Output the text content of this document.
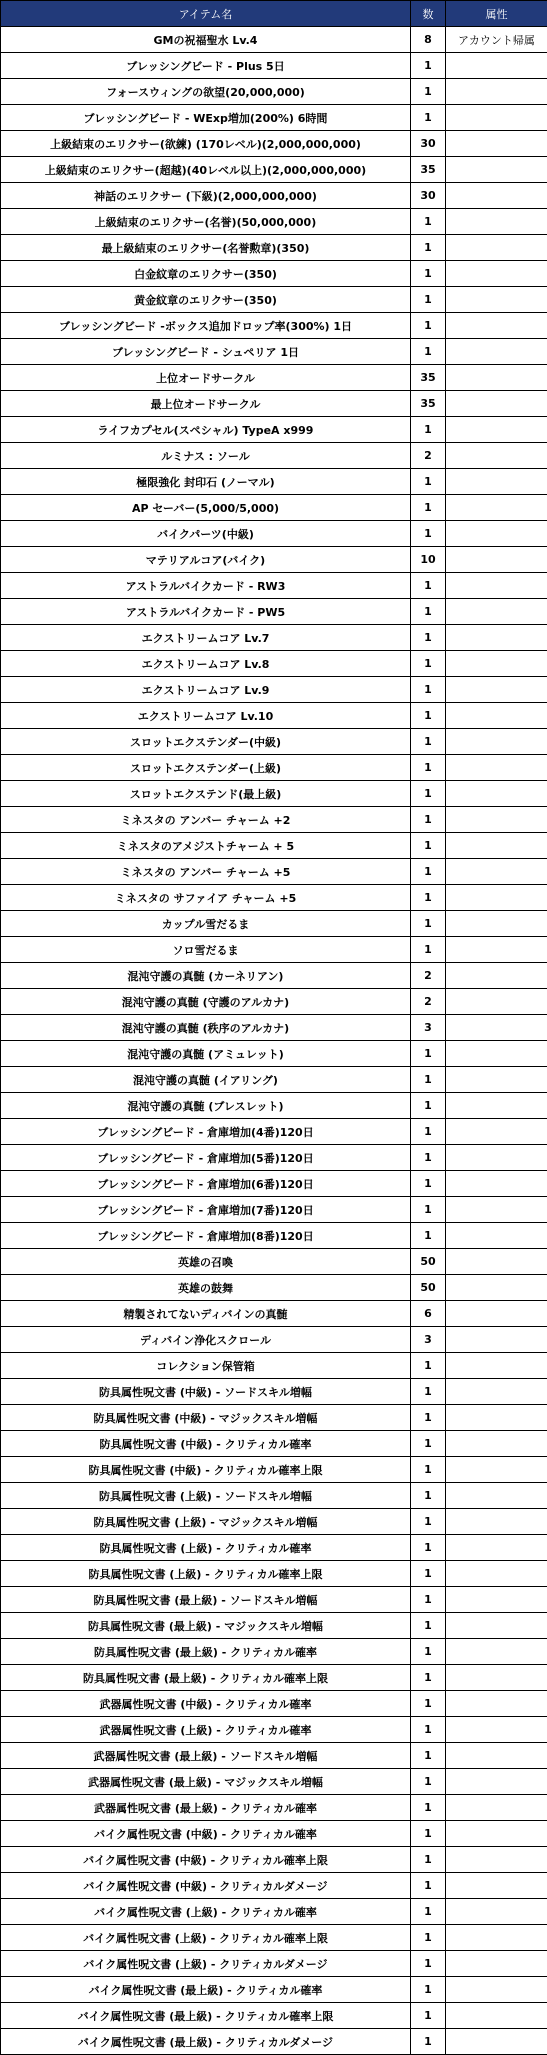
アイテム名	数	属性
GMの祝福聖水 Lv.4	8	アカウント帰属
ブレッシングビード - Plus 5日	1	
フォースウィングの欲望(20,000,000)	1	
ブレッシングビード - WExp増加(200%) 6時間	1	
上級結束のエリクサー(欲練) (170レベル)(2,000,000,000)	30	
上級結束のエリクサー(超越)(40レベル以上)(2,000,000,000)	35	
神話のエリクサー (下級)(2,000,000,000)	30	
上級結束のエリクサー(名誉)(50,000,000)	1	
最上級結束のエリクサー(名誉勲章)(350)	1	
白金紋章のエリクサー(350)	1	
黄金紋章のエリクサー(350)	1	
ブレッシングビード -ボックス追加ドロップ率(300%) 1日	1	
ブレッシングビード - シュペリア 1日	1	
上位オードサークル	35	
最上位オードサークル	35	
ライフカプセル(スペシャル) TypeA x999	1	
ルミナス : ソール	2	
極限強化 封印石 (ノーマル)	1	
AP セーバー(5,000/5,000)	1	
バイクパーツ(中級)	1	
マテリアルコア(バイク)	10	
アストラルバイクカード - RW3	1	
アストラルバイクカード - PW5	1	
エクストリームコア Lv.7	1	
エクストリームコア Lv.8	1	
エクストリームコア Lv.9	1	
エクストリームコア Lv.10	1	
スロットエクステンダー(中級)	1	
スロットエクステンダー(上級)	1	
スロットエクステンド(最上級)	1	
ミネスタの アンバー チャーム +2	1	
ミネスタのアメジストチャーム + 5	1	
ミネスタの アンバー チャーム +5	1	
ミネスタの サファイア チャーム +5	1	
カップル雪だるま	1	
ソロ雪だるま	1	
混沌守護の真髄 (カーネリアン)	2	
混沌守護の真髄 (守護のアルカナ)	2	
混沌守護の真髄 (秩序のアルカナ)	3	
混沌守護の真髄 (アミュレット)	1	
混沌守護の真髄 (イアリング)	1	
混沌守護の真髄 (ブレスレット)	1	
ブレッシングビード - 倉庫増加(4番)120日	1	
ブレッシングビード - 倉庫増加(5番)120日	1	
ブレッシングビード - 倉庫増加(6番)120日	1	
ブレッシングビード - 倉庫増加(7番)120日	1	
ブレッシングビード - 倉庫増加(8番)120日	1	
英雄の召喚	50	
英雄の鼓舞	50	
精製されてないディバインの真髄	6	
ディバイン浄化スクロール	3	
コレクション保管箱	1	
防具属性呪文書 (中級) - ソードスキル増幅	1	
防具属性呪文書 (中級) - マジックスキル増幅	1	
防具属性呪文書 (中級) - クリティカル確率	1	
防具属性呪文書 (中級) - クリティカル確率上限	1	
防具属性呪文書 (上級) - ソードスキル増幅	1	
防具属性呪文書 (上級) - マジックスキル増幅	1	
防具属性呪文書 (上級) - クリティカル確率	1	
防具属性呪文書 (上級) - クリティカル確率上限	1	
防具属性呪文書 (最上級) - ソードスキル増幅	1	
防具属性呪文書 (最上級) - マジックスキル増幅	1	
防具属性呪文書 (最上級) - クリティカル確率	1	
防具属性呪文書 (最上級) - クリティカル確率上限	1	
武器属性呪文書 (中級) - クリティカル確率	1	
武器属性呪文書 (上級) - クリティカル確率	1	
武器属性呪文書 (最上級) - ソードスキル増幅	1	
武器属性呪文書 (最上級) - マジックスキル増幅	1	
武器属性呪文書 (最上級) - クリティカル確率	1	
バイク属性呪文書 (中級) - クリティカル確率	1	
バイク属性呪文書 (中級) - クリティカル確率上限	1	
バイク属性呪文書 (中級) - クリティカルダメージ	1	
バイク属性呪文書 (上級) - クリティカル確率	1	
バイク属性呪文書 (上級) - クリティカル確率上限	1	
バイク属性呪文書 (上級) - クリティカルダメージ	1	
バイク属性呪文書 (最上級) - クリティカル確率	1	
バイク属性呪文書 (最上級) - クリティカル確率上限	1	
バイク属性呪文書 (最上級) - クリティカルダメージ	1	
